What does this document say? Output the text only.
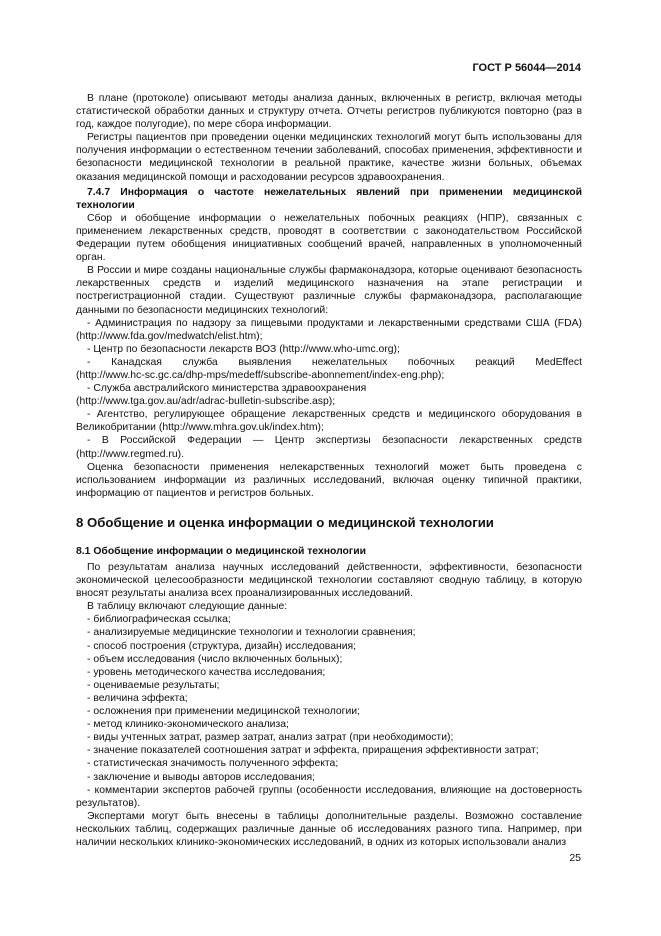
ГОСТ Р 56044—2014

В плане (протоколе) описывают методы анализа данных, включенных в регистр, включая методы статистической обработки данных и структуру отчета. Отчеты регистров публикуются повторно (раз в год, каждое полугодие), по мере сбора информации.

Регистры пациентов при проведении оценки медицинских технологий могут быть использованы для получения информации о естественном течении заболеваний, способах применения, эффективности и безопасности медицинской технологии в реальной практике, качестве жизни больных, объемах оказания медицинской помощи и расходовании ресурсов здравоохранения.

7.4.7 Информация о частоте нежелательных явлений при применении медицинской технологии

Сбор и обобщение информации о нежелательных побочных реакциях (НПР), связанных с применением лекарственных средств, проводят в соответствии с законодательством Российской Федерации путем обобщения инициативных сообщений врачей, направленных в уполномоченный орган.

В России и мире созданы национальные службы фармаконадзора, которые оценивают безопасность лекарственных средств и изделий медицинского назначения на этапе регистрации и пострегистрационной стадии. Существуют различные службы фармаконадзора, располагающие данными по безопасности медицинских технологий:

- Администрация по надзору за пищевыми продуктами и лекарственными средствами США (FDA) (http://www.fda.gov/medwatch/elist.htm);

- Центр по безопасности лекарств ВОЗ (http://www.who-umc.org);

- Канадская служба выявления нежелательных побочных реакций MedEffect

(http://www.hc-sc.gc.ca/dhp-mps/medeff/subscribe-abonnement/index-eng.php);

- Служба австралийского министерства здравоохранения

(http://www.tga.gov.au/adr/adrac-bulletin-subscribe.asp);

- Агентство, регулирующее обращение лекарственных средств и медицинского оборудования в Великобритании (http://www.mhra.gov.uk/index.htm);

- В Российской Федерации — Центр экспертизы безопасности лекарственных средств

(http://www.regmed.ru).

Оценка безопасности применения нелекарственных технологий может быть проведена с использованием информации из различных исследований, включая оценку типичной практики, информацию от пациентов и регистров больных.

8 Обобщение и оценка информации о медицинской технологии

8.1 Обобщение информации о медицинской технологии

По результатам анализа научных исследований действенности, эффективности, безопасности экономической целесообразности медицинской технологии составляют сводную таблицу, в которую вносят результаты анализа всех проанализированных исследований.

В таблицу включают следующие данные:

- библиографическая ссылка;
- анализируемые медицинские технологии и технологии сравнения;
- способ построения (структура, дизайн) исследования;
- объем исследования (число включенных больных);
- уровень методического качества исследования;
- оцениваемые результаты;
- величина эффекта;
- осложнения при применении медицинской технологии;
- метод клинико-экономического анализа;
- виды учтенных затрат, размер затрат, анализ затрат (при необходимости);
- значение показателей соотношения затрат и эффекта, приращения эффективности затрат;
- статистическая значимость полученного эффекта;
- заключение и выводы авторов исследования;
- комментарии экспертов рабочей группы (особенности исследования, влияющие на достоверность результатов).

Экспертами могут быть внесены в таблицы дополнительные разделы. Возможно составление нескольких таблиц, содержащих различные данные об исследованиях разного типа. Например, при наличии нескольких клинико-экономических исследований, в одних из которых использовали анализ

25
